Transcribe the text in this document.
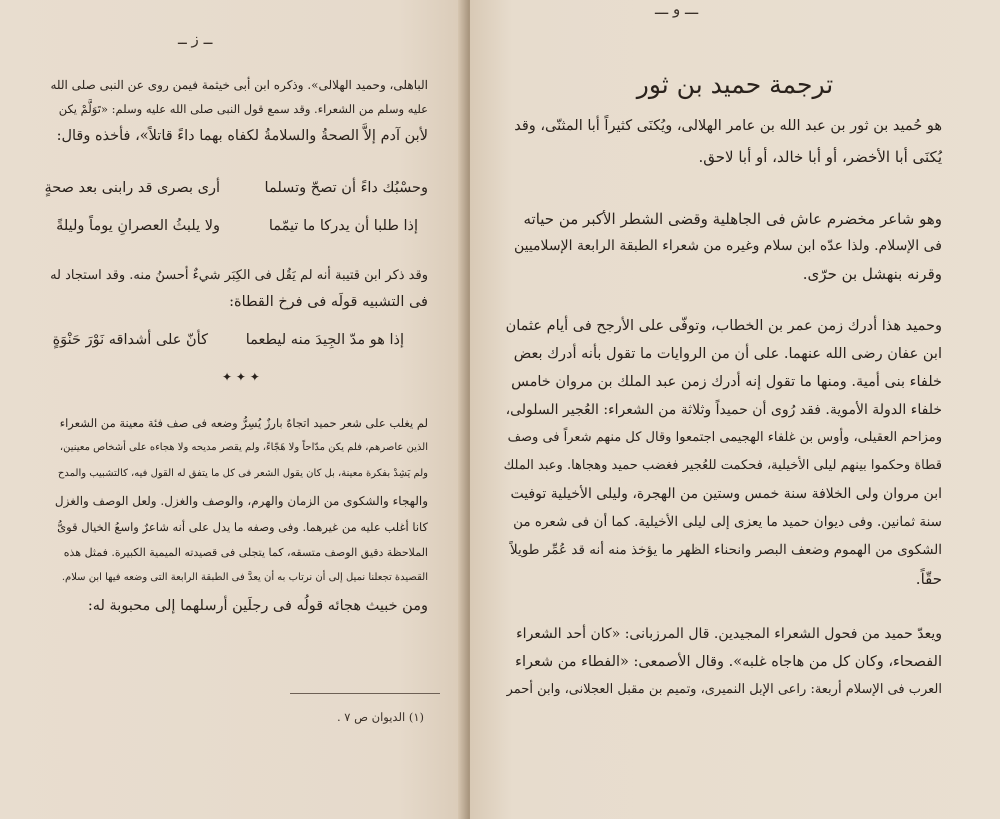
ــ ز ــ
الباهلى، وحميد الهلالى». وذكره ابن أبى خيثمة فيمن روى عن النبى صلى الله
عليه وسلم من الشعراء. وقد سمع قول النبى صلى الله عليه وسلم: «تَوَلَّمْ يكن
لأبن آدم إلاَّ الصحةُ والسلامةُ لكفاه بهما داءً قاتلاً»، فأخذه وقال:
أرى بصرى قد رابنى بعد صحةٍ	وحسْبُك داءً أن تصحّ وتسلما
ولا يلبثُ العصرانِ يوماً وليلةً	إذا طلبا أن يدركا ما تيمّما
وقد ذكر ابن قتيبة أنه لم يَقُل فى الكِبَر شيءٌ أحسنُ منه. وقد استجاد له
فى التشبيه قولَه فى فرخ القطاة:
كأنّ على أشداقه نَوْرَ حَنْوَةٍ	إذا هو مدّ الجِيدَ منه ليطعما
✦ ✦ ✦
لم يغلب على شعر حميد اتجاهٌ بارزٌ يُسِرُّ وضعه فى صف فئة معينة من الشعراء
الذين عاصرهم، فلم يكن مدّاحاً ولا هَجّاءً، ولم يقصر مديحه ولا هجاءه على أشخاص معينين،
ولم يَشِدْ بفكرة معينة، بل كان يقول الشعر فى كل ما يتفق له القول فيه، كالتشبيب والمدح
والهجاء والشكوى من الزمان والهرم، والوصف والغزل. ولعل الوصف والغزل
كانا أغلب عليه من غيرهما. وفى وصفه ما يدل على أنه شاعرٌ واسعُ الخيال قوىُّ
الملاحظة دقيق الوصف متسقه، كما يتجلى فى قصيدته الميمية الكبيرة. فمثل هذه
القصيدة تجعلنا نميل إلى أن نرتاب به أن يعدَّ فى الطبقة الرابعة التى وضعه فيها ابن سلام.
ومن خبيث هجائه قولُه فى رجلَين أرسلهما إلى محبوبة له:
(١) الديوان ص ٧ .
ـــ و ـــ
ترجمة حميد بن ثور
هو حُميد بن ثور بن عبد الله بن عامر الهلالى، ويُكنَى كثيراً أبا المثنّى، وقد
يُكنَى أبا الأخضر، أو أبا خالد، أو أبا لاحق.
وهو شاعر مخضرم عاش فى الجاهلية وقضى الشطر الأكبر من حياته
فى الإسلام. ولذا عدّه ابن سلام وغيره من شعراء الطبقة الرابعة الإسلاميين
وقرنه بنهشل بن حرّى.
وحميد هذا أدرك زمن عمر بن الخطاب، وتوفّى على الأرجح فى أيام عثمان
ابن عفان رضى الله عنهما. على أن من الروايات ما تقول بأنه أدرك بعض
خلفاء بنى أمية. ومنها ما تقول إنه أدرك زمن عبد الملك بن مروان خامس
خلفاء الدولة الأموية. فقد رُوى أن حميداً وثلاثة من الشعراء: العُجير السلولى،
ومزاحم العقيلى، وأوس بن غلفاء الهجيمى اجتمعوا وقال كل منهم شعراً فى وصف
قطاة وحكموا بينهم ليلى الأخيلية، فحكمت للعُجير فغضب حميد وهجاها. وعبد الملك
ابن مروان ولى الخلافة سنة خمس وستين من الهجرة، وليلى الأخيلية توفيت
سنة ثمانين. وفى ديوان حميد ما يعزى إلى ليلى الأخيلية. كما أن فى شعره من
الشكوى من الهموم وضعف البصر وانحناء الظهر ما يؤخذ منه أنه قد عُمِّر طويلاً
حقّاً.
ويعدّ حميد من فحول الشعراء المجيدين. قال المرزبانى: «كان أحد الشعراء
الفصحاء، وكان كل من هاجاه غلبه». وقال الأصمعى: «الفطاء من شعراء
العرب فى الإسلام أربعة: راعى الإبل النميرى، وتميم بن مقبل العجلانى، وابن أحمر
